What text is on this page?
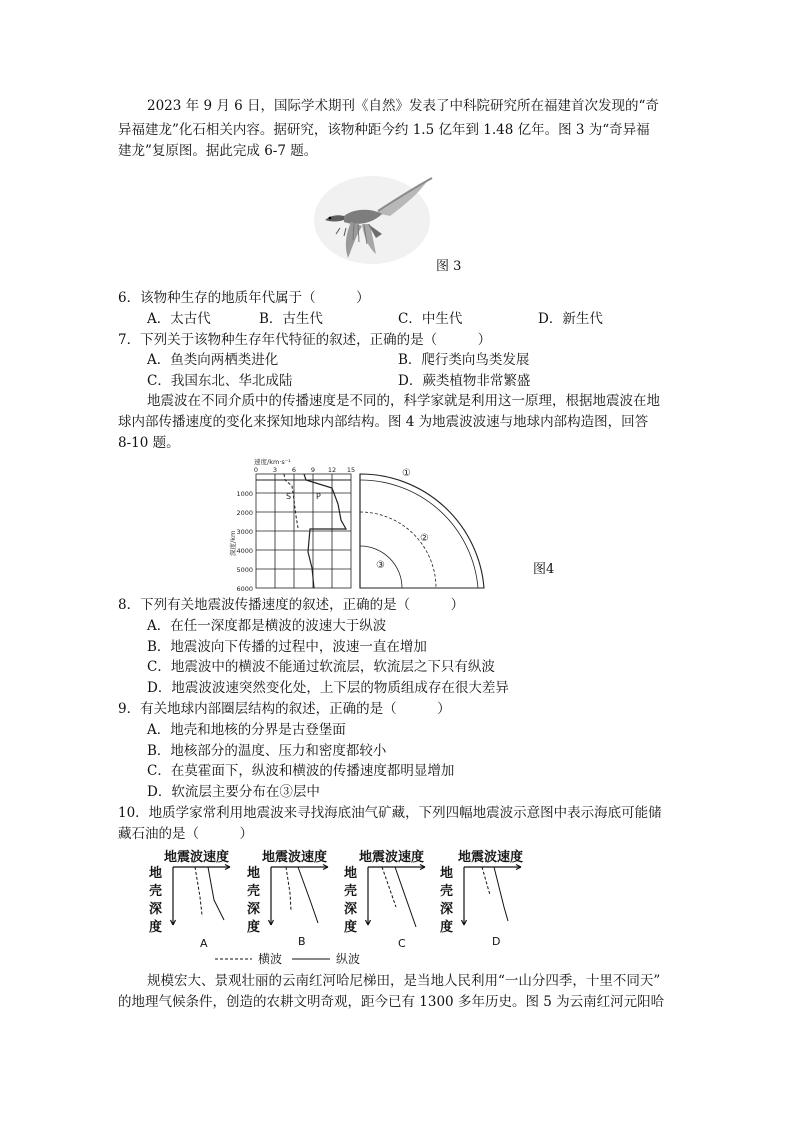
2023 年 9 月 6 日，国际学术期刊《自然》发表了中科院研究所在福建首次发现的“奇
异福建龙”化石相关内容。据研究，该物种距今约 1.5 亿年到 1.48 亿年。图 3 为“奇异福
建龙”复原图。据此完成 6-7 题。
图 3
6．该物种生存的地质年代属于（　　　）
A．太古代	B．古生代	C．中生代	D．新生代
7．下列关于该物种生存年代特征的叙述，正确的是（　　　）
A．鱼类向两栖类进化	B．爬行类向鸟类发展
C．我国东北、华北成陆	D．蕨类植物非常繁盛
地震波在不同介质中的传播速度是不同的，科学家就是利用这一原理，根据地震波在地
球内部传播速度的变化来探知地球内部结构。图 4 为地震波波速与地球内部构造图，回答
8-10 题。
速度/km·s⁻¹
0 3 6 9 12 15
1000
2000
3000
4000
5000
6000
深度/km
S	P
①
②
③	图4
8．下列有关地震波传播速度的叙述，正确的是（　　　）
A．在任一深度都是横波的波速大于纵波
B．地震波向下传播的过程中，波速一直在增加
C．地震波中的横波不能通过软流层，软流层之下只有纵波
D．地震波波速突然变化处，上下层的物质组成存在很大差异
9．有关地球内部圈层结构的叙述，正确的是（　　　）
A．地壳和地核的分界是古登堡面
B．地核部分的温度、压力和密度都较小
C．在莫霍面下，纵波和横波的传播速度都明显增加
D．软流层主要分布在③层中
10．地质学家常利用地震波来寻找海底油气矿藏，下列四幅地震波示意图中表示海底可能储
藏石油的是（　　　）
地震波速度
地
壳
深
度
A
地震波速度
地
壳
深
度
B
地震波速度
地
壳
深
度
C
地震波速度
地
壳
深
度
D
横波	纵波
规模宏大、景观壮丽的云南红河哈尼梯田，是当地人民利用“一山分四季，十里不同天”
的地理气候条件，创造的农耕文明奇观，距今已有 1300 多年历史。图 5 为云南红河元阳哈
